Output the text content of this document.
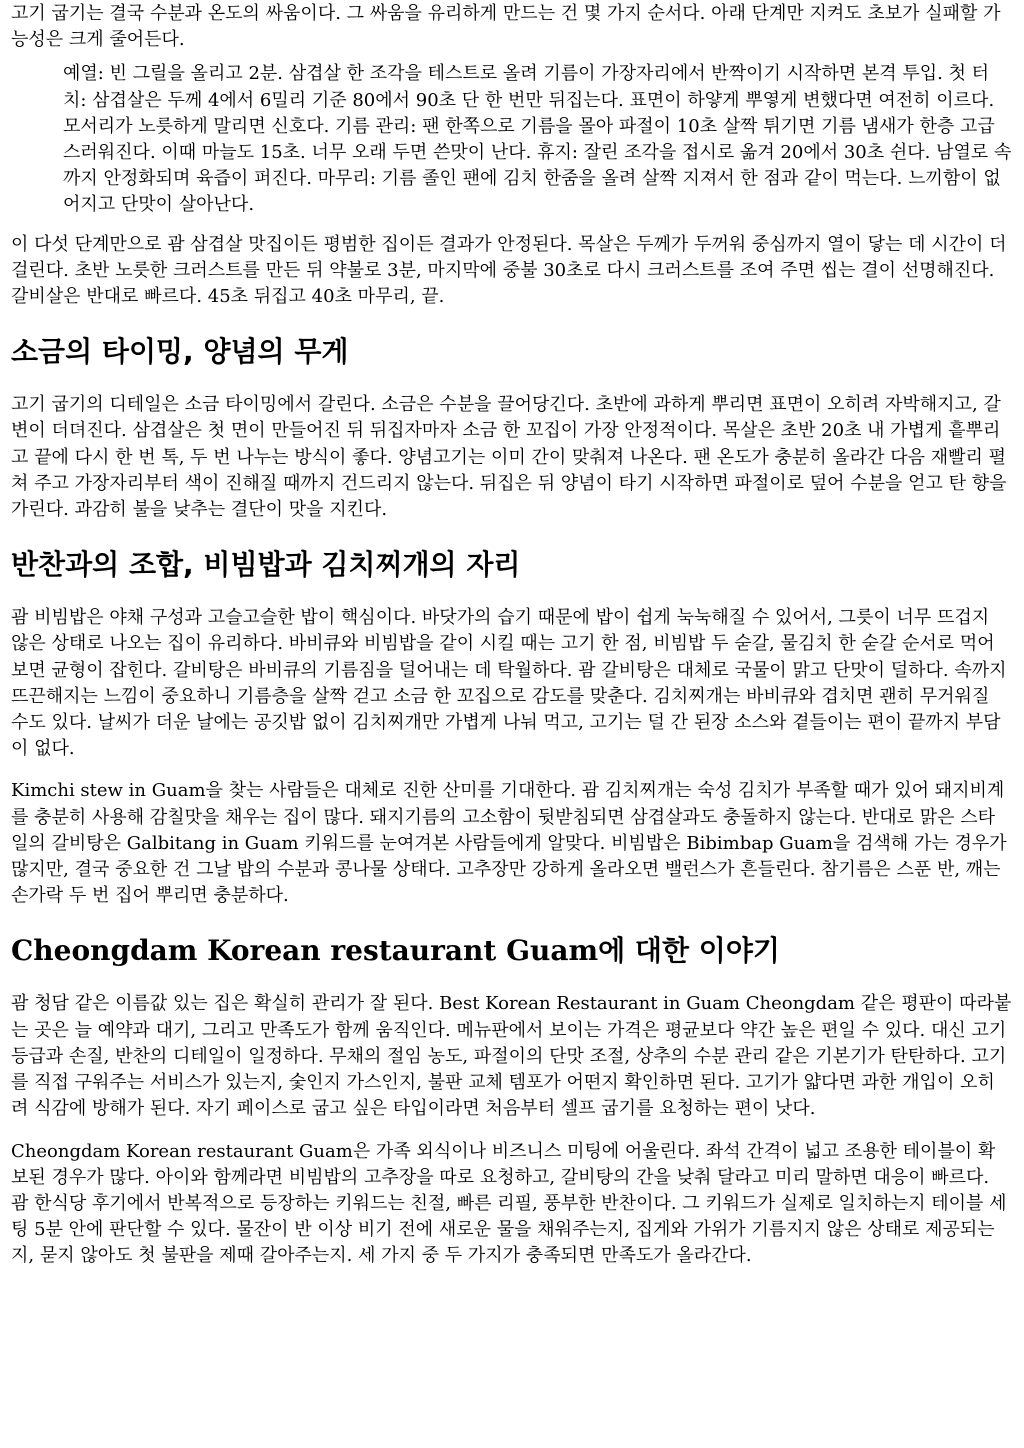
고기 굽기는 결국 수분과 온도의 싸움이다. 그 싸움을 유리하게 만드는 건 몇 가지 순서다. 아래 단계만 지켜도 초보가 실패할 가능성은 크게 줄어든다.

예열: 빈 그릴을 올리고 2분. 삼겹살 한 조각을 테스트로 올려 기름이 가장자리에서 반짝이기 시작하면 본격 투입. 첫 터치: 삼겹살은 두께 4에서 6밀리 기준 80에서 90초 단 한 번만 뒤집는다. 표면이 하얗게 뿌옇게 변했다면 여전히 이르다. 모서리가 노릇하게 말리면 신호다. 기름 관리: 팬 한쪽으로 기름을 몰아 파절이 10초 살짝 튀기면 기름 냄새가 한층 고급스러워진다. 이때 마늘도 15초. 너무 오래 두면 쓴맛이 난다. 휴지: 잘린 조각을 접시로 옮겨 20에서 30초 쉰다. 남열로 속까지 안정화되며 육즙이 퍼진다. 마무리: 기름 졸인 팬에 김치 한줌을 올려 살짝 지져서 한 점과 같이 먹는다. 느끼함이 없어지고 단맛이 살아난다.

이 다섯 단계만으로 괌 삼겹살 맛집이든 평범한 집이든 결과가 안정된다. 목살은 두께가 두꺼워 중심까지 열이 닿는 데 시간이 더 걸린다. 초반 노릇한 크러스트를 만든 뒤 약불로 3분, 마지막에 중불 30초로 다시 크러스트를 조여 주면 씹는 결이 선명해진다. 갈비살은 반대로 빠르다. 45초 뒤집고 40초 마무리, 끝.

소금의 타이밍, 양념의 무게

고기 굽기의 디테일은 소금 타이밍에서 갈린다. 소금은 수분을 끌어당긴다. 초반에 과하게 뿌리면 표면이 오히려 자박해지고, 갈변이 더뎌진다. 삼겹살은 첫 면이 만들어진 뒤 뒤집자마자 소금 한 꼬집이 가장 안정적이다. 목살은 초반 20초 내 가볍게 흩뿌리고 끝에 다시 한 번 톡, 두 번 나누는 방식이 좋다. 양념고기는 이미 간이 맞춰져 나온다. 팬 온도가 충분히 올라간 다음 재빨리 펼쳐 주고 가장자리부터 색이 진해질 때까지 건드리지 않는다. 뒤집은 뒤 양념이 타기 시작하면 파절이로 덮어 수분을 얻고 탄 향을 가린다. 과감히 불을 낮추는 결단이 맛을 지킨다.

반찬과의 조합, 비빔밥과 김치찌개의 자리

괌 비빔밥은 야채 구성과 고슬고슬한 밥이 핵심이다. 바닷가의 습기 때문에 밥이 쉽게 눅눅해질 수 있어서, 그릇이 너무 뜨겁지 않은 상태로 나오는 집이 유리하다. 바비큐와 비빔밥을 같이 시킬 때는 고기 한 점, 비빔밥 두 숟갈, 물김치 한 숟갈 순서로 먹어 보면 균형이 잡힌다. 갈비탕은 바비큐의 기름짐을 덜어내는 데 탁월하다. 괌 갈비탕은 대체로 국물이 맑고 단맛이 덜하다. 속까지 뜨끈해지는 느낌이 중요하니 기름층을 살짝 걷고 소금 한 꼬집으로 감도를 맞춘다. 김치찌개는 바비큐와 겹치면 괜히 무거워질 수도 있다. 날씨가 더운 날에는 공깃밥 없이 김치찌개만 가볍게 나눠 먹고, 고기는 덜 간 된장 소스와 곁들이는 편이 끝까지 부담이 없다.

Kimchi stew in Guam을 찾는 사람들은 대체로 진한 산미를 기대한다. 괌 김치찌개는 숙성 김치가 부족할 때가 있어 돼지비계를 충분히 사용해 감칠맛을 채우는 집이 많다. 돼지기름의 고소함이 뒷받침되면 삼겹살과도 충돌하지 않는다. 반대로 맑은 스타일의 갈비탕은 Galbitang in Guam 키워드를 눈여겨본 사람들에게 알맞다. 비빔밥은 Bibimbap Guam을 검색해 가는 경우가 많지만, 결국 중요한 건 그날 밥의 수분과 콩나물 상태다. 고추장만 강하게 올라오면 밸런스가 흔들린다. 참기름은 스푼 반, 깨는 손가락 두 번 집어 뿌리면 충분하다.

Cheongdam Korean restaurant Guam에 대한 이야기

괌 청담 같은 이름값 있는 집은 확실히 관리가 잘 된다. Best Korean Restaurant in Guam Cheongdam 같은 평판이 따라붙는 곳은 늘 예약과 대기, 그리고 만족도가 함께 움직인다. 메뉴판에서 보이는 가격은 평균보다 약간 높은 편일 수 있다. 대신 고기 등급과 손질, 반찬의 디테일이 일정하다. 무채의 절임 농도, 파절이의 단맛 조절, 상추의 수분 관리 같은 기본기가 탄탄하다. 고기를 직접 구워주는 서비스가 있는지, 숯인지 가스인지, 불판 교체 템포가 어떤지 확인하면 된다. 고기가 얇다면 과한 개입이 오히려 식감에 방해가 된다. 자기 페이스로 굽고 싶은 타입이라면 처음부터 셀프 굽기를 요청하는 편이 낫다.

Cheongdam Korean restaurant Guam은 가족 외식이나 비즈니스 미팅에 어울린다. 좌석 간격이 넓고 조용한 테이블이 확보된 경우가 많다. 아이와 함께라면 비빔밥의 고추장을 따로 요청하고, 갈비탕의 간을 낮춰 달라고 미리 말하면 대응이 빠르다. 괌 한식당 후기에서 반복적으로 등장하는 키워드는 친절, 빠른 리필, 풍부한 반찬이다. 그 키워드가 실제로 일치하는지 테이블 세팅 5분 안에 판단할 수 있다. 물잔이 반 이상 비기 전에 새로운 물을 채워주는지, 집게와 가위가 기름지지 않은 상태로 제공되는지, 묻지 않아도 첫 불판을 제때 갈아주는지. 세 가지 중 두 가지가 충족되면 만족도가 올라간다.
